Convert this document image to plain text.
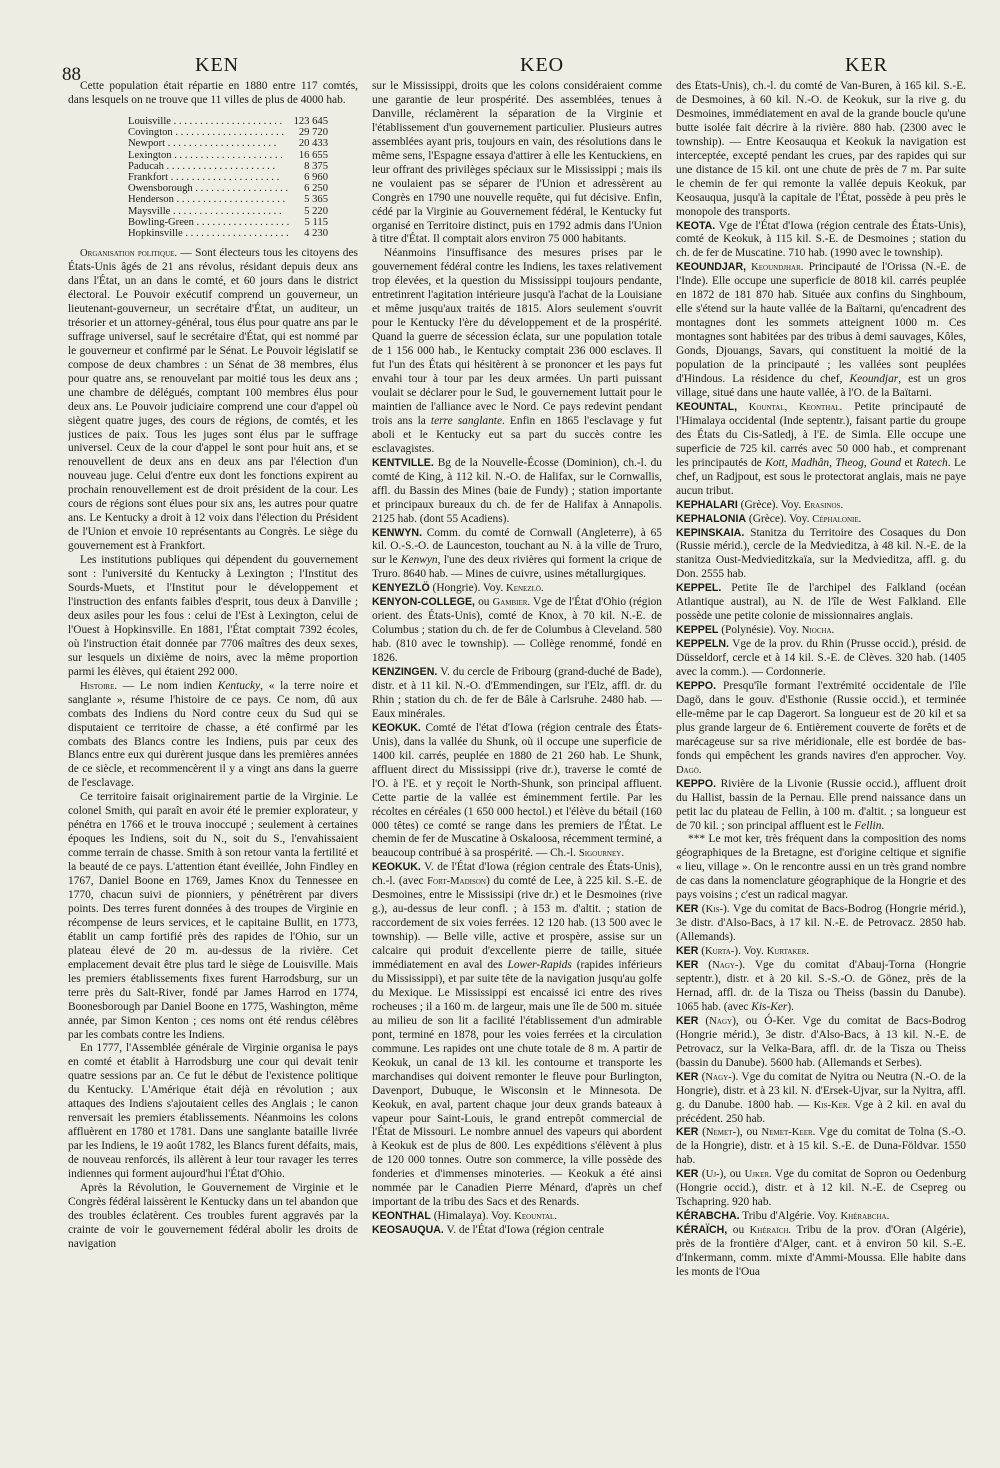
88	KEN	KEO	KER

Cette population était répartie en 1880 entre 117 comtés, dans lesquels on ne trouve que 11 villes de plus de 4000 hab.

Louisville . . .	123 645
Covington . . .	29 720
Newport . . .	20 433
Lexington . . .	16 655
Paducah . . .	8 375
Frankfort . . .	6 960
Owensborough . . .	6 250
Henderson . . .	5 365
Maysville . . .	5 220
Bowling-Green . . .	5 115
Hopkinsville . . .	4 230

Organisation politique. — Sont électeurs tous les citoyens des États-Unis âgés de 21 ans révolus, résidant depuis deux ans dans l'État, un an dans le comté, et 60 jours dans le district électoral. Le Pouvoir exécutif comprend un gouverneur, un lieutenant-gouverneur, un secrétaire d'État, un auditeur, un trésorier et un attorney-général, tous élus pour quatre ans par le suffrage universel, sauf le secrétaire d'État, qui est nommé par le gouverneur et confirmé par le Sénat. Le Pouvoir législatif se compose de deux chambres : un Sénat de 38 membres, élus pour quatre ans, se renouvelant par moitié tous les deux ans ; une chambre de délégués, comptant 100 membres élus pour deux ans. Le Pouvoir judiciaire comprend une cour d'appel où siègent quatre juges, des cours de régions, de comtés, et les justices de paix. Tous les juges sont élus par le suffrage universel. Ceux de la cour d'appel le sont pour huit ans, et se renouvellent de deux ans en deux ans par l'élection d'un nouveau juge. Celui d'entre eux dont les fonctions expirent au prochain renouvellement est de droit président de la cour. Les cours de régions sont élues pour six ans, les autres pour quatre ans. Le Kentucky a droit à 12 voix dans l'élection du Président de l'Union et envoie 10 représentants au Congrès. Le siège du gouvernement est à Frankfort.

Les institutions publiques qui dépendent du gouvernement sont : l'université du Kentucky à Lexington ; l'Institut des Sourds-Muets, et l'Institut pour le développement et l'instruction des enfants faibles d'esprit, tous deux à Danville ; deux asiles pour les fous : celui de l'Est à Lexington, celui de l'Ouest à Hopkinsville. En 1881, l'État comptait 7392 écoles, où l'instruction était donnée par 7706 maîtres des deux sexes, sur lesquels un dixième de noirs, avec la même proportion parmi les élèves, qui étaient 292 000.

Histoire. — Le nom indien Kentucky, « la terre noire et sanglante », résume l'histoire de ce pays. Ce nom, dû aux combats des Indiens du Nord contre ceux du Sud qui se disputaient ce territoire de chasse, a été confirmé par les combats des Blancs contre les Indiens, puis par ceux des Blancs entre eux qui durèrent jusque dans les premières années de ce siècle, et recommencèrent il y a vingt ans dans la guerre de l'esclavage.

Ce territoire faisait originairement partie de la Virginie. Le colonel Smith, qui paraît en avoir été le premier explorateur, y pénétra en 1766 et le trouva inoccupé ; seulement à certaines époques les Indiens, soit du N., soit du S., l'envahissaient comme terrain de chasse. Smith à son retour vanta la fertilité et la beauté de ce pays. L'attention étant éveillée, John Findley en 1767, Daniel Boone en 1769, James Knox du Tennessee en 1770, chacun suivi de pionniers, y pénétrèrent par divers points. Des terres furent données à des troupes de Virginie en récompense de leurs services, et le capitaine Bullit, en 1773, établit un camp fortifié près des rapides de l'Ohio, sur un plateau élevé de 20 m. au-dessus de la rivière. Cet emplacement devait être plus tard le siège de Louisville. Mais les premiers établissements fixes furent Harrodsburg, sur un terre près du Salt-River, fondé par James Harrod en 1774, Boonesborough par Daniel Boone en 1775, Washington, même année, par Simon Kenton ; ces noms ont été rendus célèbres par les combats contre les Indiens.

En 1777, l'Assemblée générale de Virginie organisa le pays en comté et établit à Harrodsburg une cour qui devait tenir quatre sessions par an. Ce fut le début de l'existence politique du Kentucky. L'Amérique était déjà en révolution ; aux attaques des Indiens s'ajoutaient celles des Anglais ; le canon renversait les premiers établissements. Néanmoins les colons affluèrent en 1780 et 1781. Dans une sanglante bataille livrée par les Indiens, le 19 août 1782, les Blancs furent défaits, mais, de nouveau renforcés, ils allèrent à leur tour ravager les terres indiennes qui forment aujourd'hui l'État d'Ohio.

Après la Révolution, le Gouvernement de Virginie et le Congrès fédéral laissèrent le Kentucky dans un tel abandon que des troubles éclatèrent. Ces troubles furent aggravés par la crainte de voir le gouvernement fédéral abolir les droits de navigation

sur le Mississippi, droits que les colons considéraient comme une garantie de leur prospérité. Des assemblées, tenues à Danville, réclamèrent la séparation de la Virginie et l'établissement d'un gouvernement particulier. Plusieurs autres assemblées ayant pris, toujours en vain, des résolutions dans le même sens, l'Espagne essaya d'attirer à elle les Kentuckiens, en leur offrant des privilèges spéciaux sur le Mississippi ; mais ils ne voulaient pas se séparer de l'Union et adressèrent au Congrès en 1790 une nouvelle requête, qui fut décisive. Enfin, cédé par la Virginie au Gouvernement fédéral, le Kentucky fut organisé en Territoire distinct, puis en 1792 admis dans l'Union à titre d'État. Il comptait alors environ 75 000 habitants.

Néanmoins l'insuffisance des mesures prises par le gouvernement fédéral contre les Indiens, les taxes relativement trop élevées, et la question du Mississippi toujours pendante, entretinrent l'agitation intérieure jusqu'à l'achat de la Louisiane et même jusqu'aux traités de 1815. Alors seulement s'ouvrit pour le Kentucky l'ère du développement et de la prospérité. Quand la guerre de sécession éclata, sur une population totale de 1 156 000 hab., le Kentucky comptait 236 000 esclaves. Il fut l'un des États qui hésitèrent à se prononcer et les pays fut envahi tour à tour par les deux armées. Un parti puissant voulait se déclarer pour le Sud, le gouvernement luttait pour le maintien de l'alliance avec le Nord. Ce pays redevint pendant trois ans la terre sanglante. Enfin en 1865 l'esclavage y fut aboli et le Kentucky eut sa part du succès contre les esclavagistes.

KENTVILLE. Bg de la Nouvelle-Écosse (Dominion), ch.-l. du comté de King, à 112 kil. N.-O. de Halifax, sur le Cornwallis, affl. du Bassin des Mines (baie de Fundy) ; station importante et principaux bureaux du ch. de fer de Halifax à Annapolis. 2125 hab. (dont 55 Acadiens).

KENWYN. Comm. du comté de Cornwall (Angleterre), à 65 kil. O.-S.-O. de Launceston, touchant au N. à la ville de Truro, sur le Kenwyn, l'une des deux rivières qui forment la crique de Truro. 8640 hab. — Mines de cuivre, usines métallurgiques.

KENYEZLÖ (Hongrie). Voy. Kenezlö.

KENYON-COLLEGE, ou Gambier. Vge de l'État d'Ohio (région orient. des États-Unis), comté de Knox, à 70 kil. N.-E. de Columbus ; station du ch. de fer de Columbus à Cleveland. 580 hab. (810 avec le township). — Collège renommé, fondé en 1826.

KENZINGEN. V. du cercle de Fribourg (grand-duché de Bade), distr. et à 11 kil. N.-O. d'Emmendingen, sur l'Elz, affl. dr. du Rhin ; station du ch. de fer de Bâle à Carlsruhe. 2480 hab. — Eaux minérales.

KEOKUK. Comté de l'état d'Iowa (région centrale des États-Unis), dans la vallée du Shunk, où il occupe une superficie de 1400 kil. carrés, peuplée en 1880 de 21 260 hab. Le Shunk, affluent direct du Mississippi (rive dr.), traverse le comté de l'O. à l'E. et y reçoit le North-Shunk, son principal affluent. Cette partie de la vallée est éminemment fertile. Par les récoltes en céréales (1 650 000 hectol.) et l'élève du bétail (160 000 têtes) ce comté se range dans les premiers de l'État. Le chemin de fer de Muscatine à Oskaloosa, récemment terminé, a beaucoup contribué à sa prospérité. — Ch.-l. Sigourney.

KEOKUK. V. de l'État d'Iowa (région centrale des États-Unis), ch.-l. (avec Fort-Madison) du comté de Lee, à 225 kil. S.-E. de Desmoines, entre le Mississipi (rive dr.) et le Desmoines (rive g.), au-dessus de leur confl. ; à 153 m. d'altit. ; station de raccordement de six voies ferrées. 12 120 hab. (13 500 avec le township). — Belle ville, active et prospère, assise sur un calcaire qui produit d'excellente pierre de taille, située immédiatement en aval des Lower-Rapids (rapides inférieurs du Mississippi), et par suite tête de la navigation jusqu'au golfe du Mexique. Le Mississippi est encaissé ici entre des rives rocheuses ; il a 160 m. de largeur, mais une île de 500 m. située au milieu de son lit a facilité l'établissement d'un admirable pont, terminé en 1878, pour les voies ferrées et la circulation commune. Les rapides ont une chute totale de 8 m. A partir de Keokuk, un canal de 13 kil. les contourne et transporte les marchandises qui doivent remonter le fleuve pour Burlington, Davenport, Dubuque, le Wisconsin et le Minnesota. De Keokuk, en aval, partent chaque jour deux grands bateaux à vapeur pour Saint-Louis, le grand entrepôt commercial de l'État de Missouri. Le nombre annuel des vapeurs qui abordent à Keokuk est de plus de 800. Les expéditions s'élèvent à plus de 120 000 tonnes. Outre son commerce, la ville possède des fonderies et d'immenses minoteries. — Keokuk a été ainsi nommée par le Canadien Pierre Ménard, d'après un chef important de la tribu des Sacs et des Renards.

KEONTHAL (Himalaya). Voy. Keountal.

KEOSAUQUA. V. de l'État d'Iowa (région centrale

des États-Unis), ch.-l. du comté de Van-Buren, à 165 kil. S.-E. de Desmoines, à 60 kil. N.-O. de Keokuk, sur la rive g. du Desmoines, immédiatement en aval de la grande boucle qu'une butte isolée fait décrire à la rivière. 880 hab. (2300 avec le township). — Entre Keosauqua et Keokuk la navigation est interceptée, excepté pendant les crues, par des rapides qui sur une distance de 15 kil. ont une chute de près de 7 m. Par suite le chemin de fer qui remonte la vallée depuis Keokuk, par Keosauqua, jusqu'à la capitale de l'État, possède à peu près le monopole des transports.

KEOTA. Vge de l'État d'Iowa (région centrale des États-Unis), comté de Keokuk, à 115 kil. S.-E. de Desmoines ; station du ch. de fer de Muscatine. 710 hab. (1990 avec le township).

KEOUNDJAR, Keoundjhar. Principauté de l'Orissa (N.-E. de l'Inde). Elle occupe une superficie de 8018 kil. carrés peuplée en 1872 de 181 870 hab. Située aux confins du Singhboum, elle s'étend sur la haute vallée de la Baïtarni, qu'encadrent des montagnes dont les sommets atteignent 1000 m. Ces montagnes sont habitées par des tribus à demi sauvages, Kôles, Gonds, Djouangs, Savars, qui constituent la moitié de la population de la principauté ; les vallées sont peuplées d'Hindous. La résidence du chef, Keoundjar, est un gros village, situé dans une haute vallée, à l'O. de la Baïtarni.

KEOUNTAL, Kountal, Keonthal. Petite principauté de l'Himalaya occidental (Inde septentr.), faisant partie du groupe des États du Cis-Satledj, à l'E. de Simla. Elle occupe une superficie de 725 kil. carrés avec 50 000 hab., et comprenant les principautés de Kott, Madhân, Theog, Gound et Ratech. Le chef, un Radjpout, est sous le protectorat anglais, mais ne paye aucun tribut.

KEPHALARI (Grèce). Voy. Erasinos.

KEPHALONIA (Grèce). Voy. Céphalonie.

KEPINSKAIA. Stanitza du Territoire des Cosaques du Don (Russie mérid.), cercle de la Medvieditza, à 48 kil. N.-E. de la stanitza Oust-Medvieditzkaïa, sur la Medvieditza, affl. g. du Don. 2555 hab.

KEPPEL. Petite île de l'archipel des Falkland (océan Atlantique austral), au N. de l'île de West Falkland. Elle possède une petite colonie de missionnaires anglais.

KEPPEL (Polynésie). Voy. Niocha.

KEPPELN. Vge de la prov. du Rhin (Prusse occid.), présid. de Düsseldorf, cercle et à 14 kil. S.-E. de Clèves. 320 hab. (1405 avec la comm.). — Cordonnerie.

KEPPO. Presqu'île formant l'extrémité occidentale de l'île Dagö, dans le gouv. d'Esthonie (Russie occid.), et terminée elle-même par le cap Dagerort. Sa longueur est de 20 kil et sa plus grande largeur de 6. Entièrement couverte de forêts et de marécageuse sur sa rive méridionale, elle est bordée de bas-fonds qui empêchent les grands navires d'en approcher. Voy. Dagö.

KEPPO. Rivière de la Livonie (Russie occid.), affluent droit du Hallist, bassin de la Pernau. Elle prend naissance dans un petit lac du plateau de Fellin, à 100 m. d'altit. ; sa longueur est de 70 kil. ; son principal affluent est le Fellin.

*** Le mot ker, très fréquent dans la composition des noms géographiques de la Bretagne, est d'origine celtique et signifie « lieu, village ». On le rencontre aussi en un très grand nombre de cas dans la nomenclature géographique de la Hongrie et des pays voisins ; c'est un radical magyar.

KER (Kis-). Vge du comitat de Bacs-Bodrog (Hongrie mérid.), 3e distr. d'Also-Bacs, à 17 kil. N.-E. de Petrovacz. 2850 hab. (Allemands).

KER (Kurta-). Voy. Kurtaker.

KER (Nagy-). Vge du comitat d'Abauj-Torna (Hongrie septentr.), distr. et à 20 kil. S.-S.-O. de Gönez, près de la Hernad, affl. dr. de la Tisza ou Theiss (bassin du Danube). 1065 hab. (avec Kis-Ker).

KER (Nagy), ou Ó-Ker. Vge du comitat de Bacs-Bodrog (Hongrie mérid.), 3e distr. d'Also-Bacs, à 13 kil. N.-E. de Petrovacz, sur la Velka-Bara, affl. dr. de la Tisza ou Theiss (bassin du Danube). 5600 hab. (Allemands et Serbes).

KER (Nagy-). Vge du comitat de Nyitra ou Neutra (N.-O. de la Hongrie), distr. et à 23 kil. N. d'Ersek-Ujvar, sur la Nyitra, affl. g. du Danube. 1800 hab. — Kis-Ker. Vge à 2 kil. en aval du précédent. 250 hab.

KER (Nemet-), ou Nemet-Keer. Vge du comitat de Tolna (S.-O. de la Hongrie), distr. et à 15 kil. S.-E. de Duna-Földvar. 1550 hab.

KER (Uj-), ou Ujker. Vge du comitat de Sopron ou Oedenburg (Hongrie occid.), distr. et à 12 kil. N.-E. de Csepreg ou Tschapring. 920 hab.

KÉRABCHA. Tribu d'Algérie. Voy. Khérabcha.

KÉRAÏCH, ou Khéraïch. Tribu de la prov. d'Oran (Algérie), près de la frontière d'Alger, cant. et à environ 50 kil. S.-E. d'Inkermann, comm. mixte d'Ammi-Moussa. Elle habite dans les monts de l'Oua
